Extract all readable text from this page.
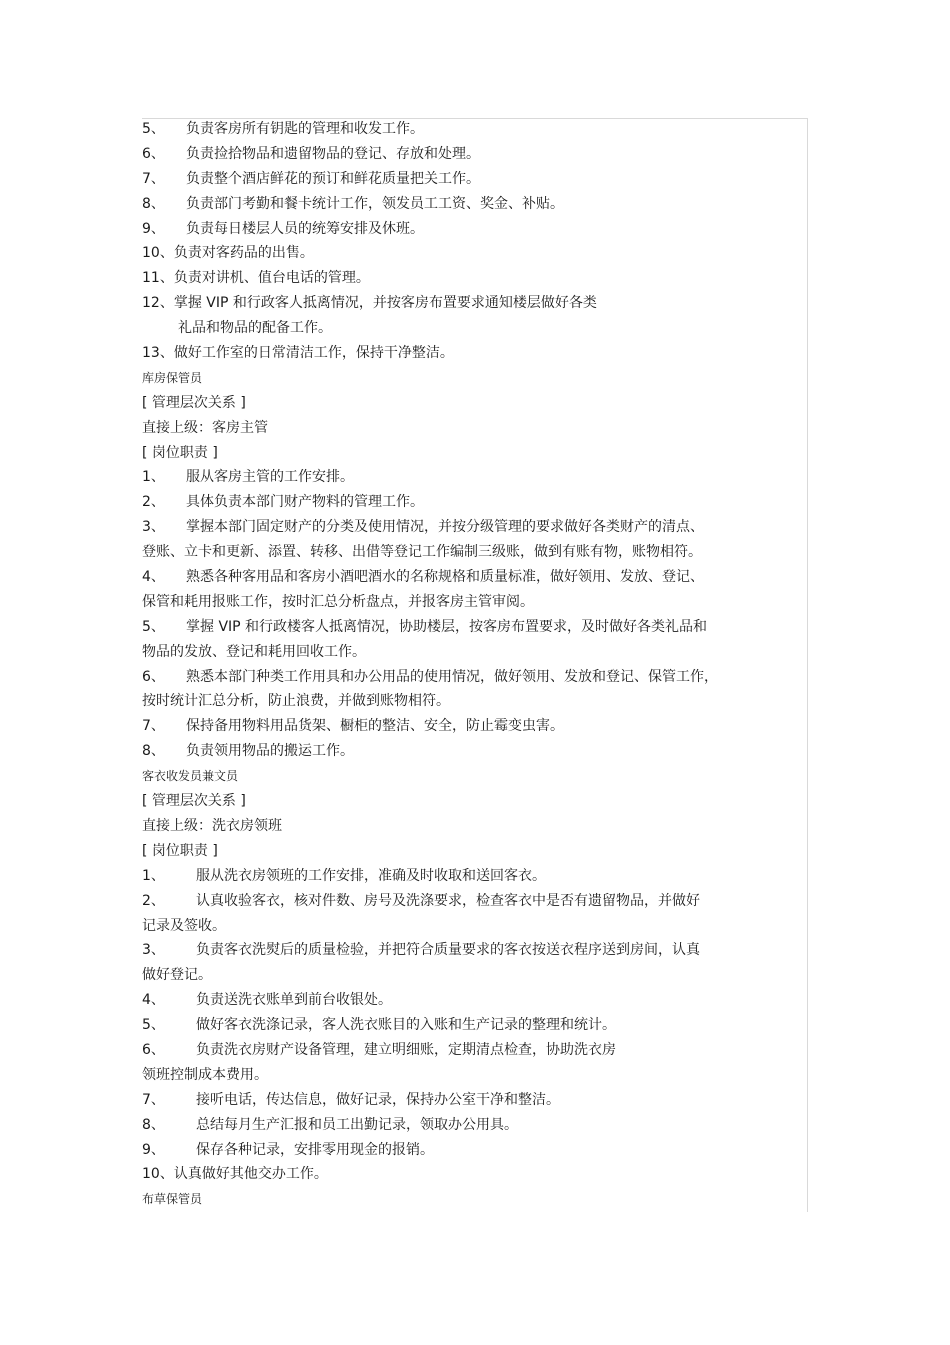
5、 负责客房所有钥匙的管理和收发工作。
6、 负责捡拾物品和遗留物品的登记、存放和处理。
7、 负责整个酒店鲜花的预订和鲜花质量把关工作。
8、 负责部门考勤和餐卡统计工作，领发员工工资、奖金、补贴。
9、 负责每日楼层人员的统筹安排及休班。
10、负责对客药品的出售。
11、负责对讲机、值台电话的管理。
12、掌握 VIP 和行政客人抵离情况，并按客房布置要求通知楼层做好各类
礼品和物品的配备工作。
13、做好工作室的日常清洁工作，保持干净整洁。
库房保管员
[ 管理层次关系 ]
直接上级：客房主管
[ 岗位职责 ]
1、 服从客房主管的工作安排。
2、 具体负责本部门财产物料的管理工作。
3、 掌握本部门固定财产的分类及使用情况，并按分级管理的要求做好各类财产的清点、
登账、立卡和更新、添置、转移、出借等登记工作编制三级账，做到有账有物，账物相符。
4、 熟悉各种客用品和客房小酒吧酒水的名称规格和质量标准，做好领用、发放、登记、
保管和耗用报账工作，按时汇总分析盘点，并报客房主管审阅。
5、 掌握 VIP 和行政楼客人抵离情况，协助楼层，按客房布置要求，及时做好各类礼品和
物品的发放、登记和耗用回收工作。
6、 熟悉本部门种类工作用具和办公用品的使用情况，做好领用、发放和登记、保管工作，
按时统计汇总分析，防止浪费，并做到账物相符。
7、 保持备用物料用品货架、橱柜的整洁、安全，防止霉变虫害。
8、 负责领用物品的搬运工作。
客衣收发员兼文员
[ 管理层次关系 ]
直接上级：洗衣房领班
[ 岗位职责 ]
1、 服从洗衣房领班的工作安排，准确及时收取和送回客衣。
2、 认真收验客衣，核对件数、房号及洗涤要求，检查客衣中是否有遗留物品，并做好
记录及签收。
3、 负责客衣洗熨后的质量检验，并把符合质量要求的客衣按送衣程序送到房间，认真
做好登记。
4、 负责送洗衣账单到前台收银处。
5、 做好客衣洗涤记录，客人洗衣账目的入账和生产记录的整理和统计。
6、 负责洗衣房财产设备管理，建立明细账，定期清点检查，协助洗衣房
领班控制成本费用。
7、 接听电话，传达信息，做好记录，保持办公室干净和整洁。
8、 总结每月生产汇报和员工出勤记录，领取办公用具。
9、 保存各种记录，安排零用现金的报销。
10、认真做好其他交办工作。
布草保管员
